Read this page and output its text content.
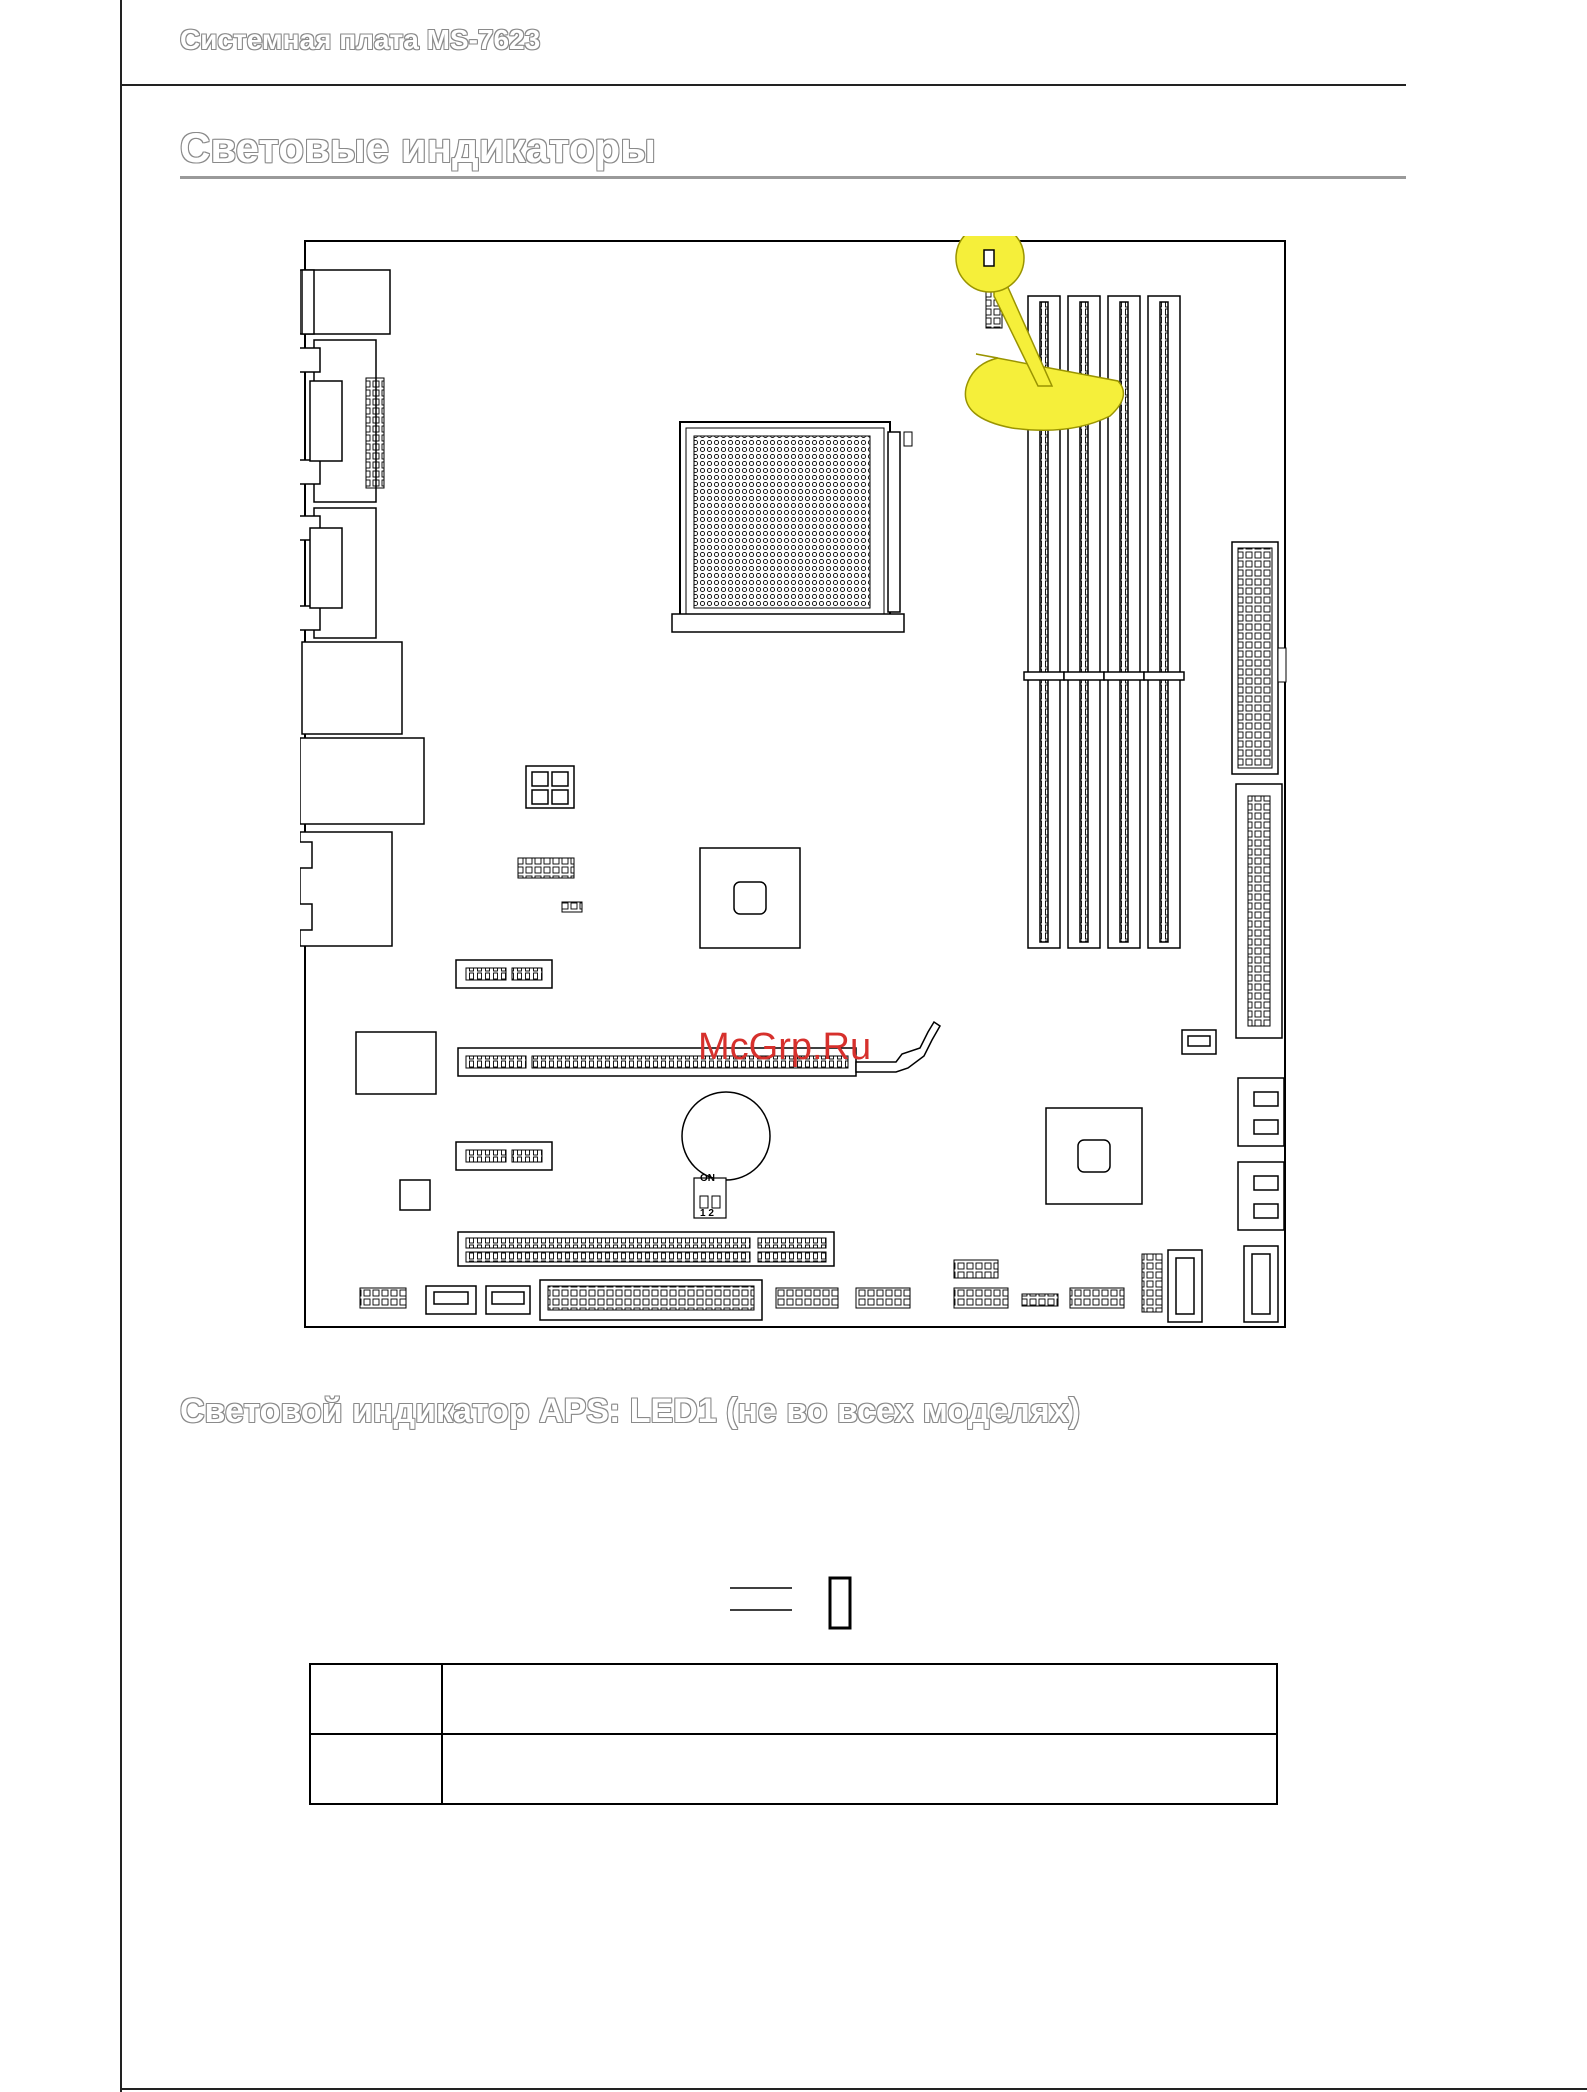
Системная плата MS-7623
Световые индикаторы
ON
1 2
McGrp.Ru
Световой индикатор APS: LED1 (не во всех моделях)
